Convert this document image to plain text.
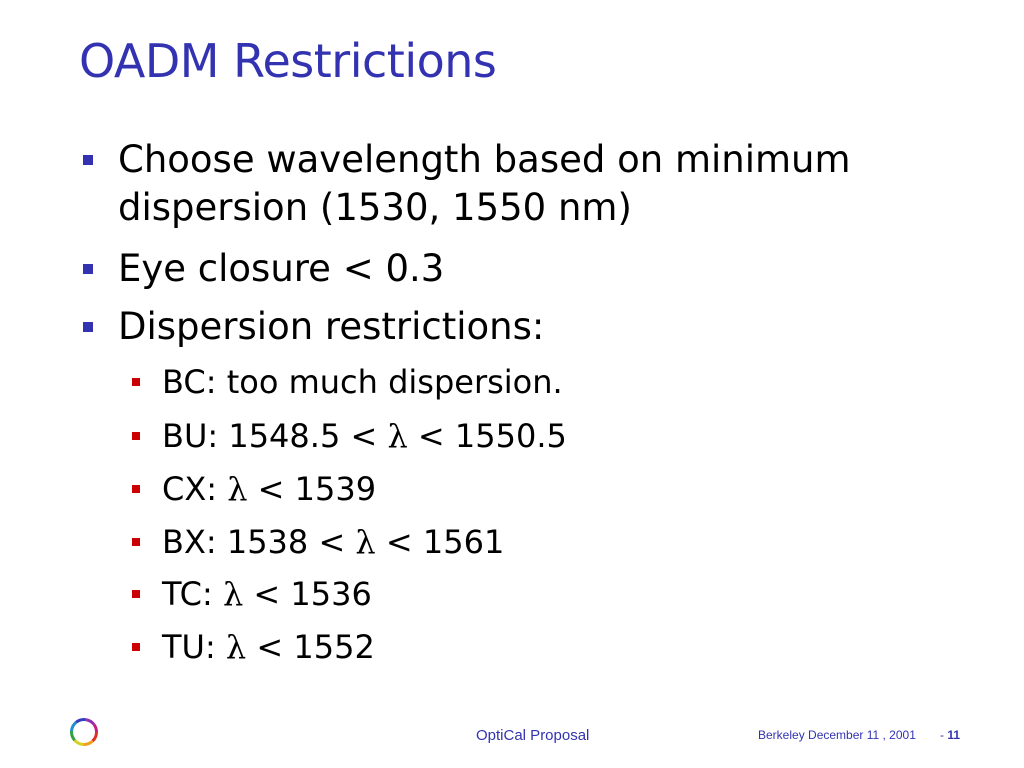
OADM Restrictions
Choose wavelength based on minimum
dispersion (1530, 1550 nm)
Eye closure < 0.3
Dispersion restrictions:
BC: too much dispersion.
BU: 1548.5 < λ < 1550.5
CX: λ < 1539
BX: 1538 < λ < 1561
TC: λ < 1536
TU: λ < 1552
OptiCal Proposal	Berkeley December 11 , 2001 - 11
